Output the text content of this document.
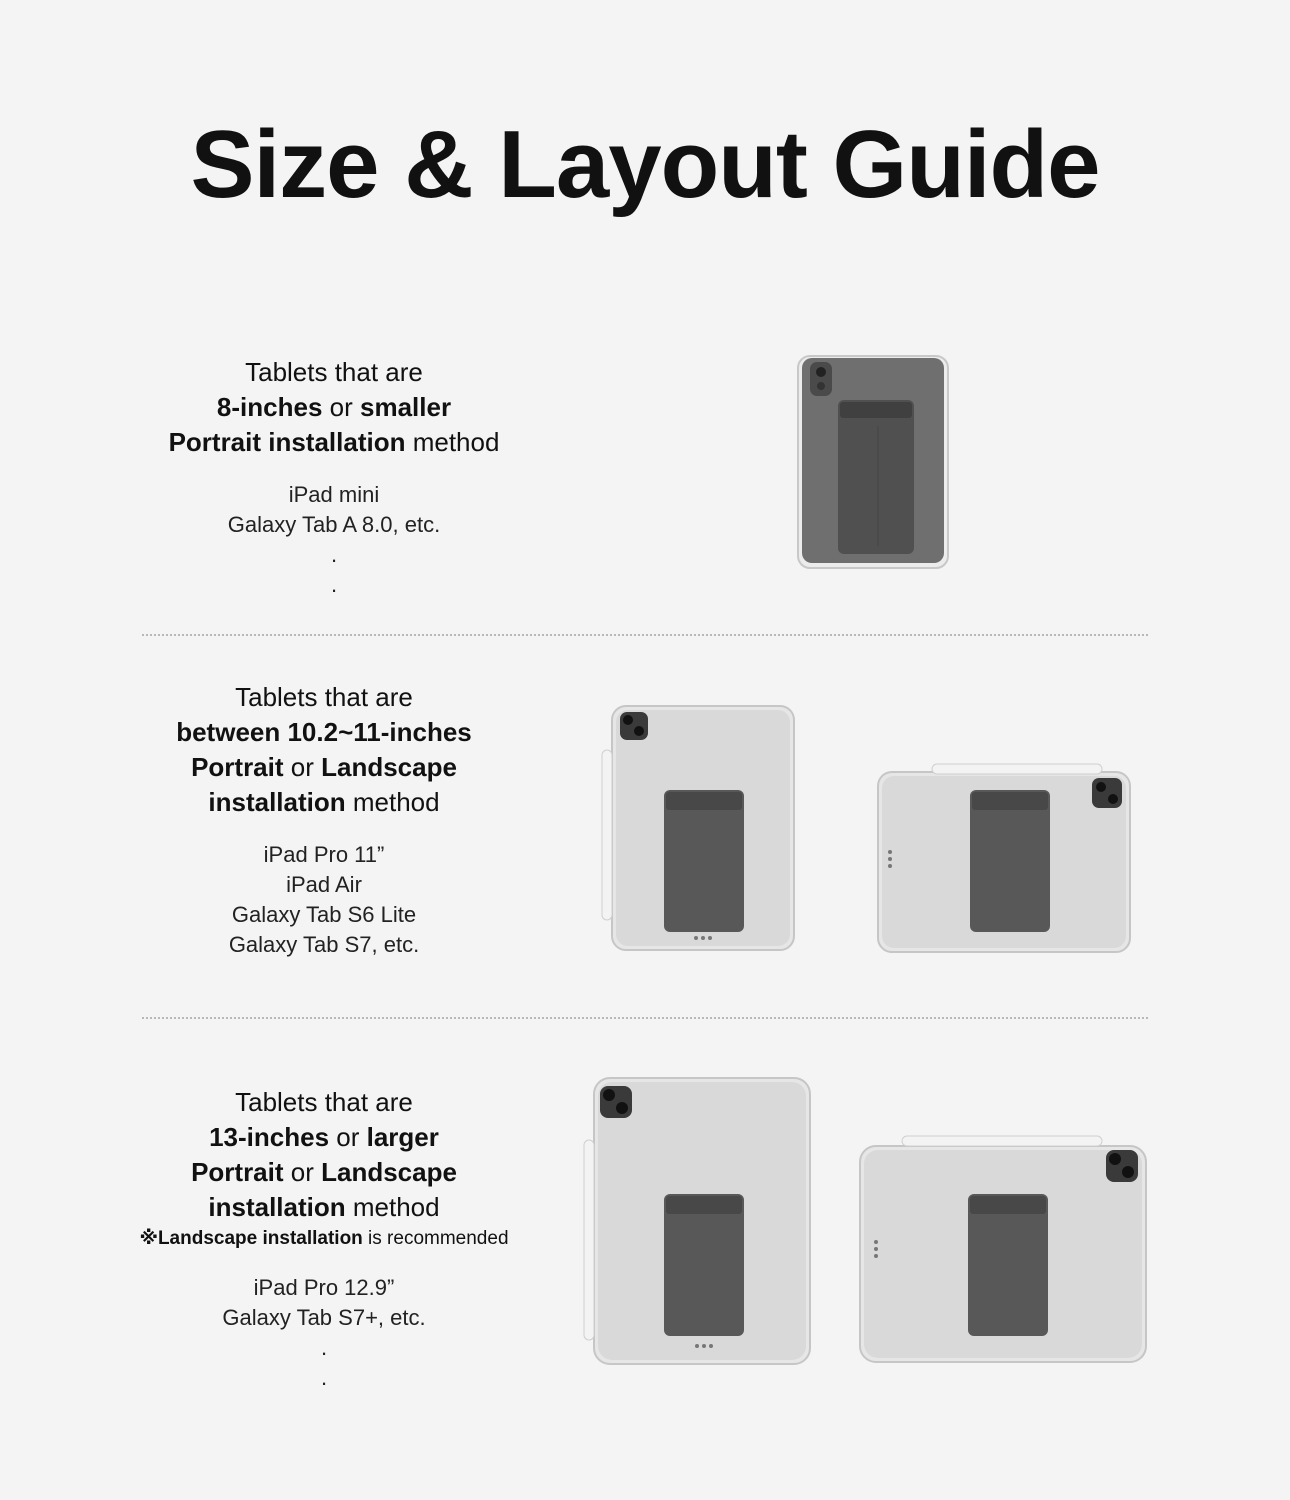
Size & Layout Guide
Tablets that are
8-inches or smaller
Portrait installation method
iPad mini
Galaxy Tab A 8.0, etc.
.
.
Tablets that are
between 10.2~11-inches
Portrait or Landscape
installation method
iPad Pro 11”
iPad Air
Galaxy Tab S6 Lite
Galaxy Tab S7, etc.
Tablets that are
13-inches or larger
Portrait or Landscape
installation method
※Landscape installation is recommended
iPad Pro 12.9”
Galaxy Tab S7+, etc.
.
.
